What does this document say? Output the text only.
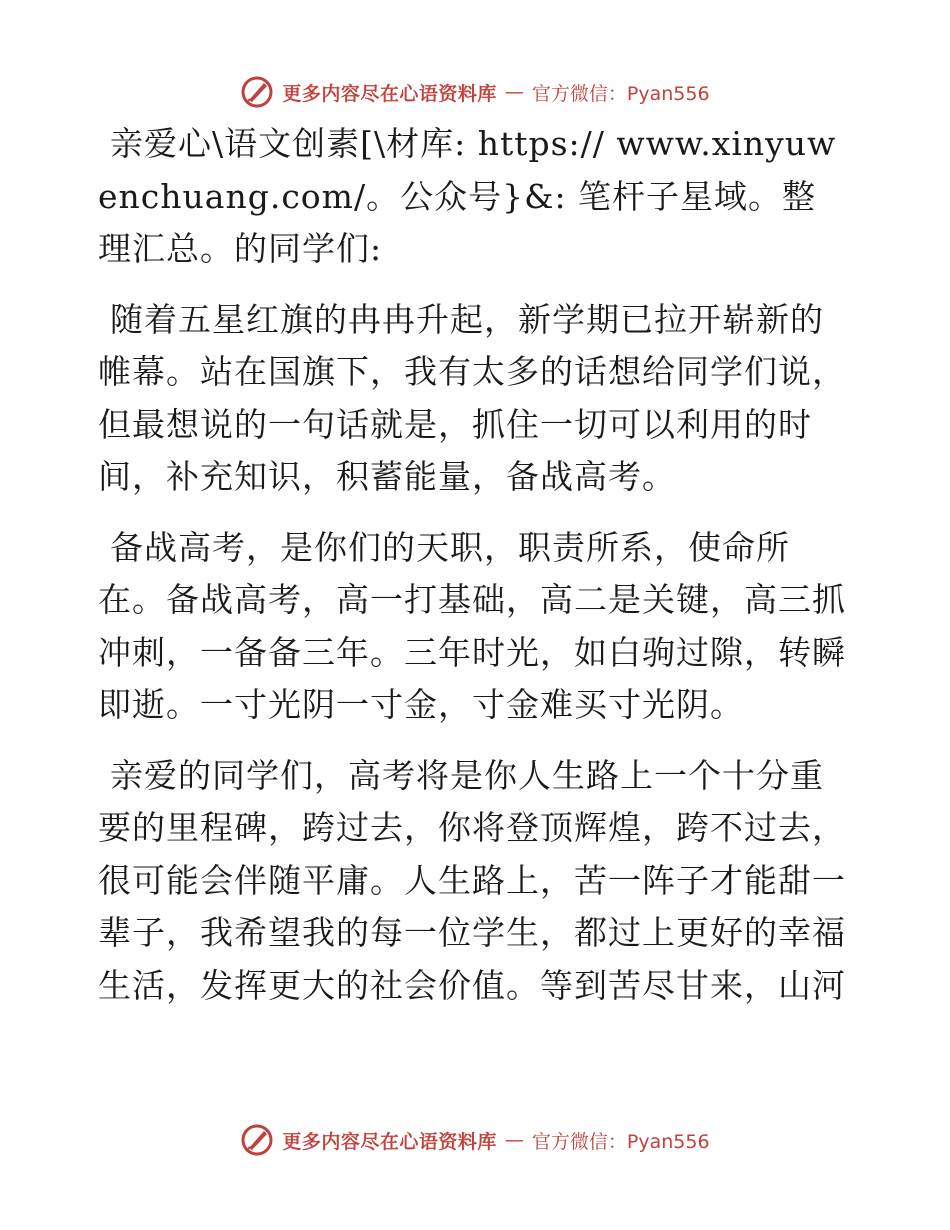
更多内容尽在心语资料库 — 官方微信：Pyan556

亲爱心\语文创素[\材库: https:// www.xinyuwenchuang.com/。公众号}&: 笔杆子星域。整理汇总。的同学们:

随着五星红旗的冉冉升起，新学期已拉开崭新的帷幕。站在国旗下，我有太多的话想给同学们说，但最想说的一句话就是，抓住一切可以利用的时间，补充知识，积蓄能量，备战高考。

备战高考，是你们的天职，职责所系，使命所在。备战高考，高一打基础，高二是关键，高三抓冲刺，一备备三年。三年时光，如白驹过隙，转瞬即逝。一寸光阴一寸金，寸金难买寸光阴。

亲爱的同学们，高考将是你人生路上一个十分重要的里程碑，跨过去，你将登顶辉煌，跨不过去，很可能会伴随平庸。人生路上，苦一阵子才能甜一辈子，我希望我的每一位学生，都过上更好的幸福生活，发挥更大的社会价值。等到苦尽甘来，山河

更多内容尽在心语资料库 — 官方微信：Pyan556
